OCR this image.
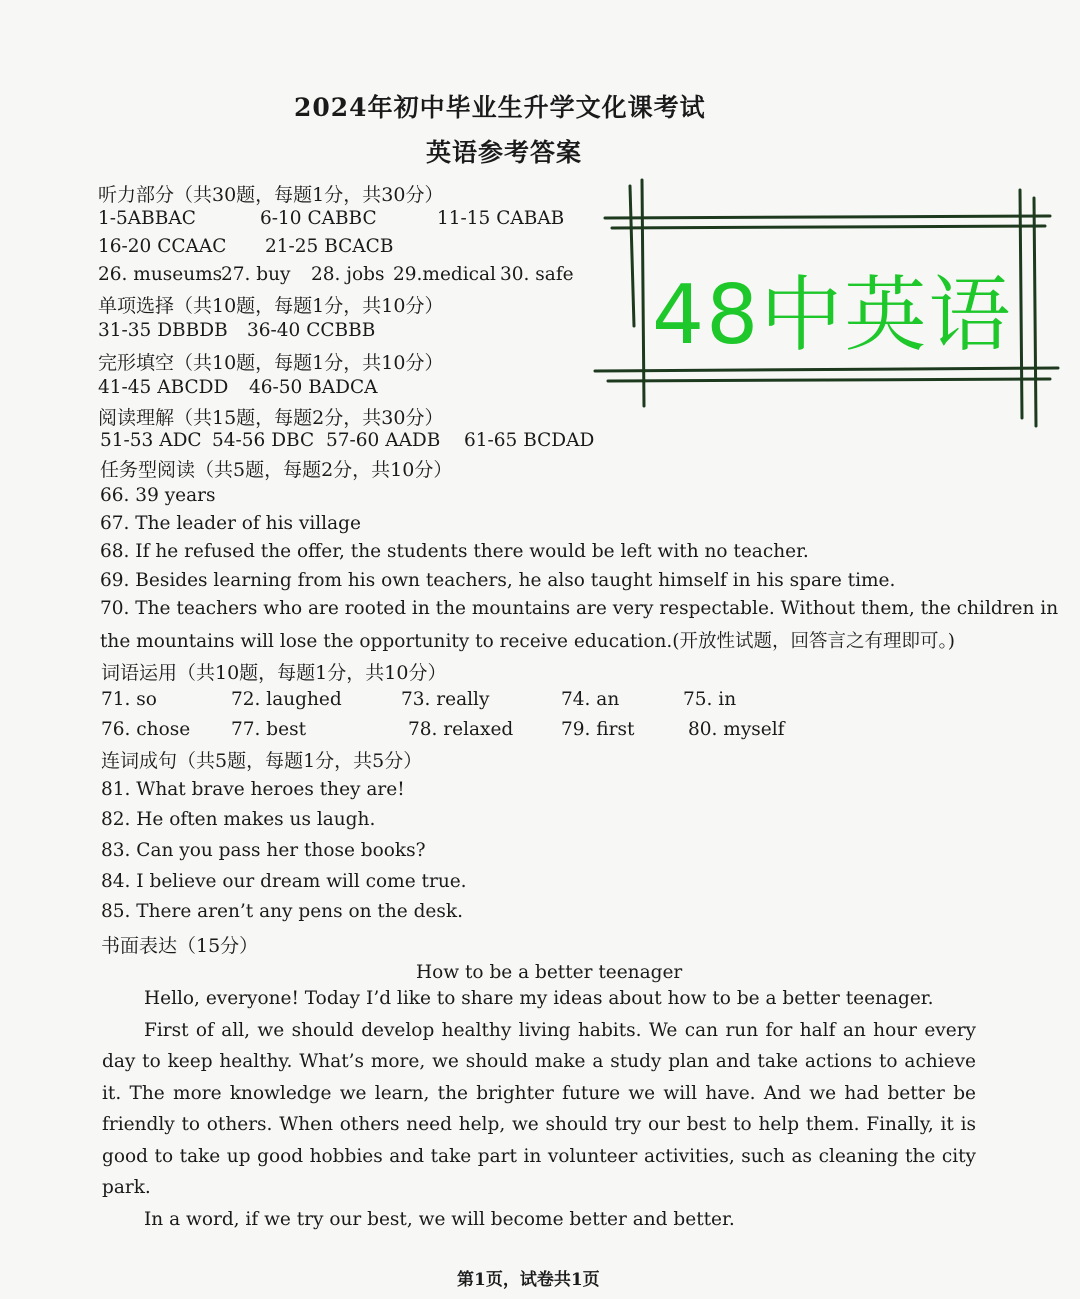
2024年初中毕业生升学文化课考试
英语参考答案
48中英语
听力部分（共30题，每题1分，共30分）
1-5ABBAC	6-10 CABBC	11-15 CABAB
16-20 CCAAC 21-25 BCACB
26. museums
27. buy 28. jobs 29.medical 30. safe
单项选择（共10题，每题1分，共10分）
31-35 DBBDB 36-40 CCBBB
完形填空（共10题，每题1分，共10分）
41-45 ABCDD 46-50 BADCA
阅读理解（共15题，每题2分，共30分）
51-53 ADC 54-56 DBC 57-60 AADB 61-65 BCDAD
任务型阅读（共5题，每题2分，共10分）
66. 39 years
67. The leader of his village
68. If he refused the offer, the students there would be left with no teacher.
69. Besides learning from his own teachers, he also taught himself in his spare time.
70. The teachers who are rooted in the mountains are very respectable. Without them, the children in
the mountains will lose the opportunity to receive education.(开放性试题，回答言之有理即可。)
词语运用（共10题，每题1分，共10分）
71. so	72. laughed	73. really	74. an	75. in
76. chose 77. best	78. relaxed	79. first	80. myself
连词成句（共5题，每题1分，共5分）
81. What brave heroes they are!
82. He often makes us laugh.
83. Can you pass her those books?
84. I believe our dream will come true.
85. There aren’t any pens on the desk.
书面表达（15分）
How to be a better teenager

Hello, everyone! Today I’d like to share my ideas about how to be a better teenager.

First of all, we should develop healthy living habits. We can run for half an hour every day to keep healthy. What’s more, we should make a study plan and take actions to achieve it. The more knowledge we learn, the brighter future we will have. And we had better be friendly to others. When others need help, we should try our best to help them. Finally, it is good to take up good hobbies and take part in volunteer activities, such as cleaning the city park.

In a word, if we try our best, we will become better and better.

第1页，试卷共1页
